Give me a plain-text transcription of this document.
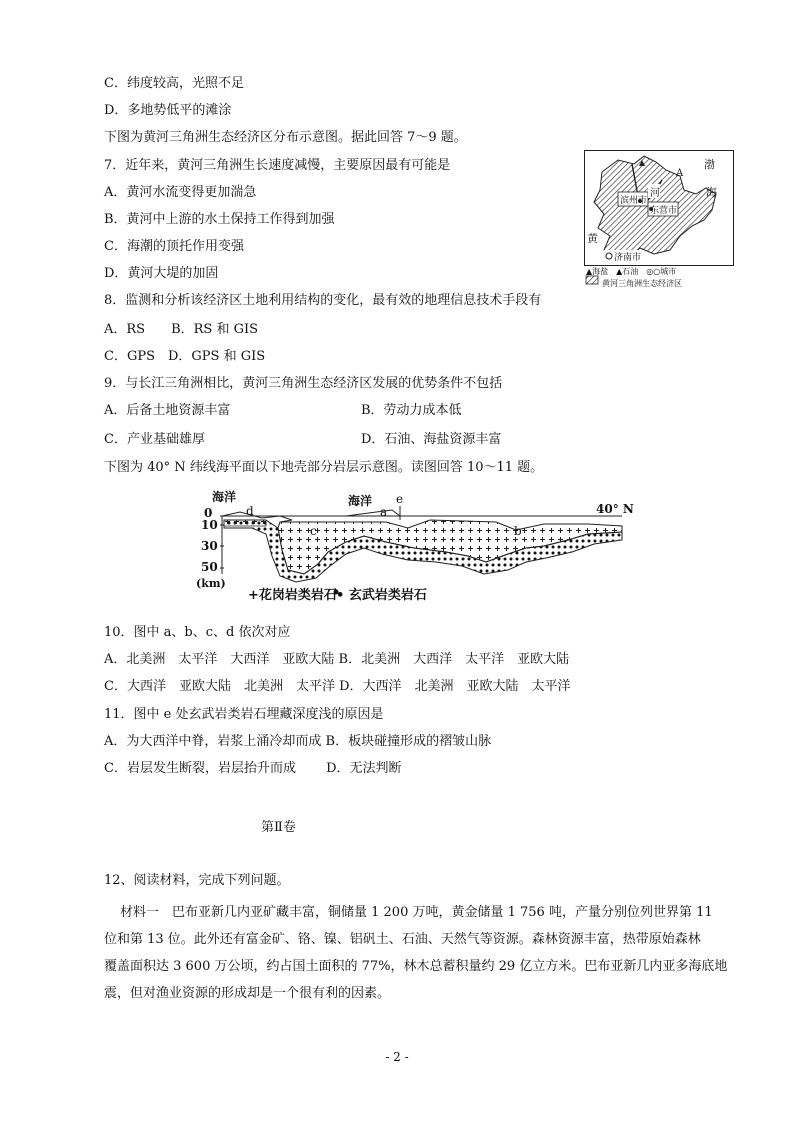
C．纬度较高，光照不足
D．多地势低平的滩涂
下图为黄河三角洲生态经济区分布示意图。据此回答 7～9 题。
7．近年来，黄河三角洲生长速度减慢，主要原因最有可能是
A．黄河水流变得更加湍急
B．黄河中上游的水土保持工作得到加强
C．海潮的顶托作用变强
D．黄河大堤的加固
8．监测和分析该经济区土地利用结构的变化，最有效的地理信息技术手段有
A．RS　　B．RS 和 GIS
C．GPS　D．GPS 和 GIS
9．与长江三角洲相比，黄河三角洲生态经济区发展的优势条件不包括
A．后备土地资源丰富	B．劳动力成本低
C．产业基础雄厚	D．石油、海盐资源丰富
下图为 40° N 纬线海平面以下地壳部分岩层示意图。读图回答 10～11 题。
A
渤
海
河
滨州市
东营市
黄
济南市
▲海盐　▲石油　◎○城市
黄河三角洲生态经济区
海洋	海洋
40° N
0
10
30
50
(km)
a
b
c
d
e
+花岗岩类岩石 • 玄武岩类岩石
10．图中 a、b、c、d 依次对应
A．北美洲　太平洋　大西洋　亚欧大陆 B．北美洲　大西洋　太平洋　亚欧大陆
C．大西洋　亚欧大陆　北美洲　太平洋 D．大西洋　北美洲　亚欧大陆　太平洋
11．图中 e 处玄武岩类岩石埋藏深度浅的原因是
A．为大西洋中脊，岩浆上涌冷却而成 B．板块碰撞形成的褶皱山脉
C．岩层发生断裂，岩层抬升而成　　 D．无法判断
第Ⅱ卷
12、阅读材料，完成下列问题。
材料一　巴布亚新几内亚矿藏丰富，铜储量 1 200 万吨，黄金储量 1 756 吨，产量分别位列世界第 11
位和第 13 位。此外还有富金矿、铬、镍、铝矾土、石油、天然气等资源。森林资源丰富，热带原始森林
覆盖面积达 3 600 万公顷，约占国土面积的 77%，林木总蓄积量约 29 亿立方米。巴布亚新几内亚多海底地
震，但对渔业资源的形成却是一个很有利的因素。
- 2 -
